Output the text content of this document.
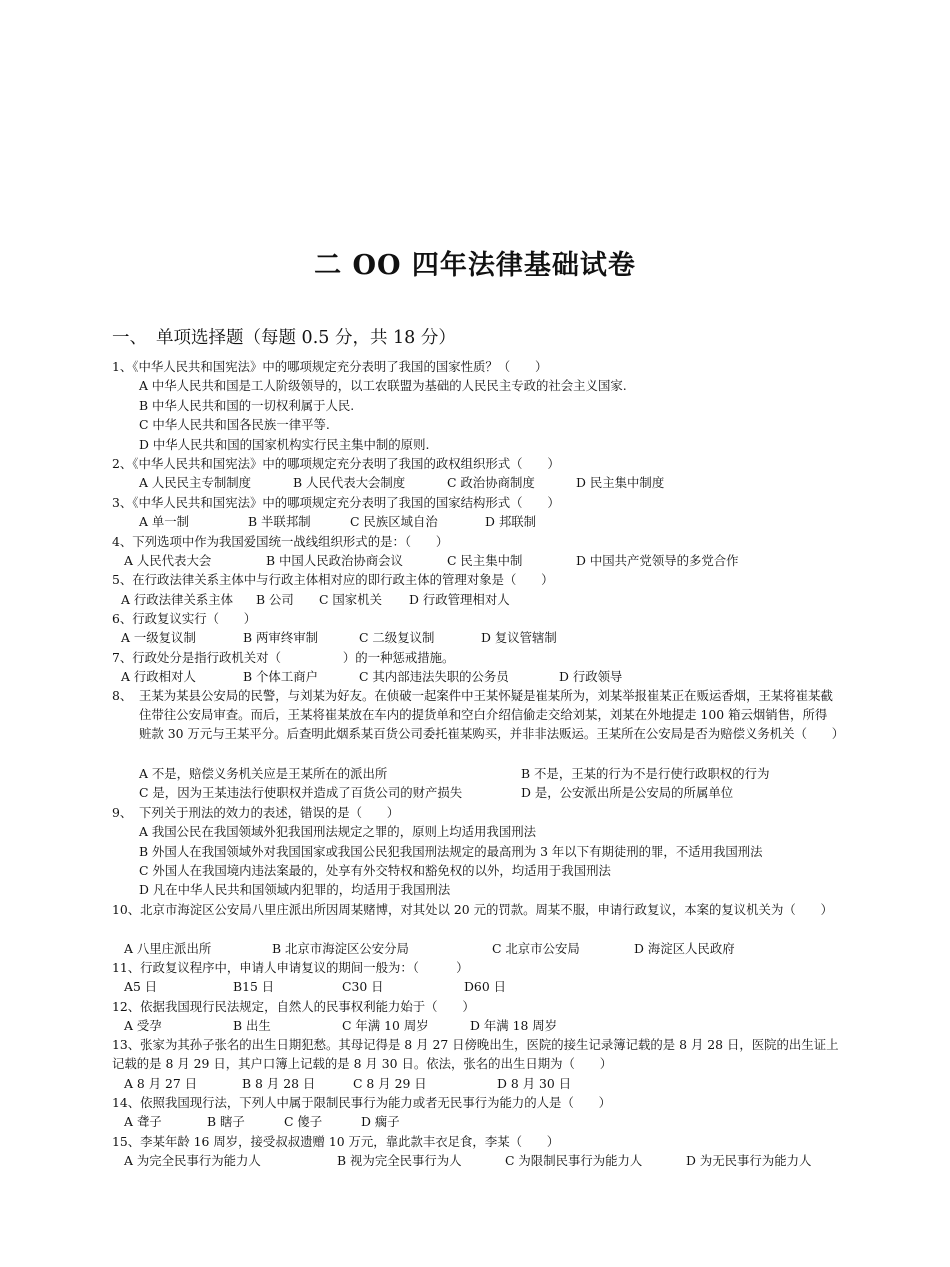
二 OO 四年法律基础试卷
一、 单项选择题（每题 0.5 分，共 18 分）
1、《中华人民共和国宪法》中的哪项规定充分表明了我国的国家性质？（　　）
A 中华人民共和国是工人阶级领导的，以工农联盟为基础的人民民主专政的社会主义国家.
B 中华人民共和国的一切权利属于人民.
C 中华人民共和国各民族一律平等.
D 中华人民共和国的国家机构实行民主集中制的原则.
2、《中华人民共和国宪法》中的哪项规定充分表明了我国的政权组织形式（　　）
A 人民民主专制制度	B 人民代表大会制度	C 政治协商制度	D 民主集中制度
3、《中华人民共和国宪法》中的哪项规定充分表明了我国的国家结构形式（　　）
A 单一制	B 半联邦制	C 民族区域自治	D 邦联制
4、下列选项中作为我国爱国统一战线组织形式的是：（　　）
A 人民代表大会	B 中国人民政治协商会议	C 民主集中制	D 中国共产党领导的多党合作
5、在行政法律关系主体中与行政主体相对应的即行政主体的管理对象是（　　）
A 行政法律关系主体 B 公司 C 国家机关 D 行政管理相对人
6、行政复议实行（　　）
A 一级复议制	B 两审终审制	C 二级复议制	D 复议管辖制
7、行政处分是指行政机关对（　　　　　）的一种惩戒措施。
A 行政相对人	B 个体工商户	C 其内部违法失职的公务员	D 行政领导
8、 王某为某县公安局的民警，与刘某为好友。在侦破一起案件中王某怀疑是崔某所为，刘某举报崔某正在贩运香烟，王某将崔某截住带往公安局审查。而后，王某将崔某放在车内的提货单和空白介绍信偷走交给刘某，刘某在外地提走 100 箱云烟销售，所得赃款 30 万元与王某平分。后查明此烟系某百货公司委托崔某购买，并非非法贩运。王某所在公安局是否为赔偿义务机关（　　）
A 不是，赔偿义务机关应是王某所在的派出所	B 不是，王某的行为不是行使行政职权的行为
C 是，因为王某违法行使职权并造成了百货公司的财产损失	D 是，公安派出所是公安局的所属单位
9、 下列关于刑法的效力的表述，错误的是（　　）
A 我国公民在我国领域外犯我国刑法规定之罪的，原则上均适用我国刑法
B 外国人在我国领域外对我国国家或我国公民犯我国刑法规定的最高刑为 3 年以下有期徒刑的罪，不适用我国刑法
C 外国人在我国境内违法案最的，处享有外交特权和豁免权的以外，均适用于我国刑法
D 凡在中华人民共和国领域内犯罪的，均适用于我国刑法
10、北京市海淀区公安局八里庄派出所因周某赌博，对其处以 20 元的罚款。周某不服，申请行政复议，本案的复议机关为（　　）
A 八里庄派出所	B 北京市海淀区公安分局	C 北京市公安局	D 海淀区人民政府
11、行政复议程序中，申请人申请复议的期间一般为：（　　　）
A5 日	B15 日	C30 日	D60 日
12、依据我国现行民法规定，自然人的民事权利能力始于（　　）
A 受孕	B 出生	C 年满 10 周岁	D 年满 18 周岁
13、张家为其孙子张名的出生日期犯愁。其母记得是 8 月 27 日傍晚出生，医院的接生记录簿记载的是 8 月 28 日，医院的出生证上记载的是 8 月 29 日，其户口簿上记载的是 8 月 30 日。依法，张名的出生日期为（　　）
A 8 月 27 日	B 8 月 28 日	C 8 月 29 日	D 8 月 30 日
14、依照我国现行法，下列人中属于限制民事行为能力或者无民事行为能力的人是（　　）
A 聋子	B 瞎子	C 傻子	D 瘸子
15、李某年龄 16 周岁，接受叔叔遗赠 10 万元，靠此款丰衣足食，李某（　　）
A 为完全民事行为能力人	B 视为完全民事行为人	C 为限制民事行为能力人	D 为无民事行为能力人
